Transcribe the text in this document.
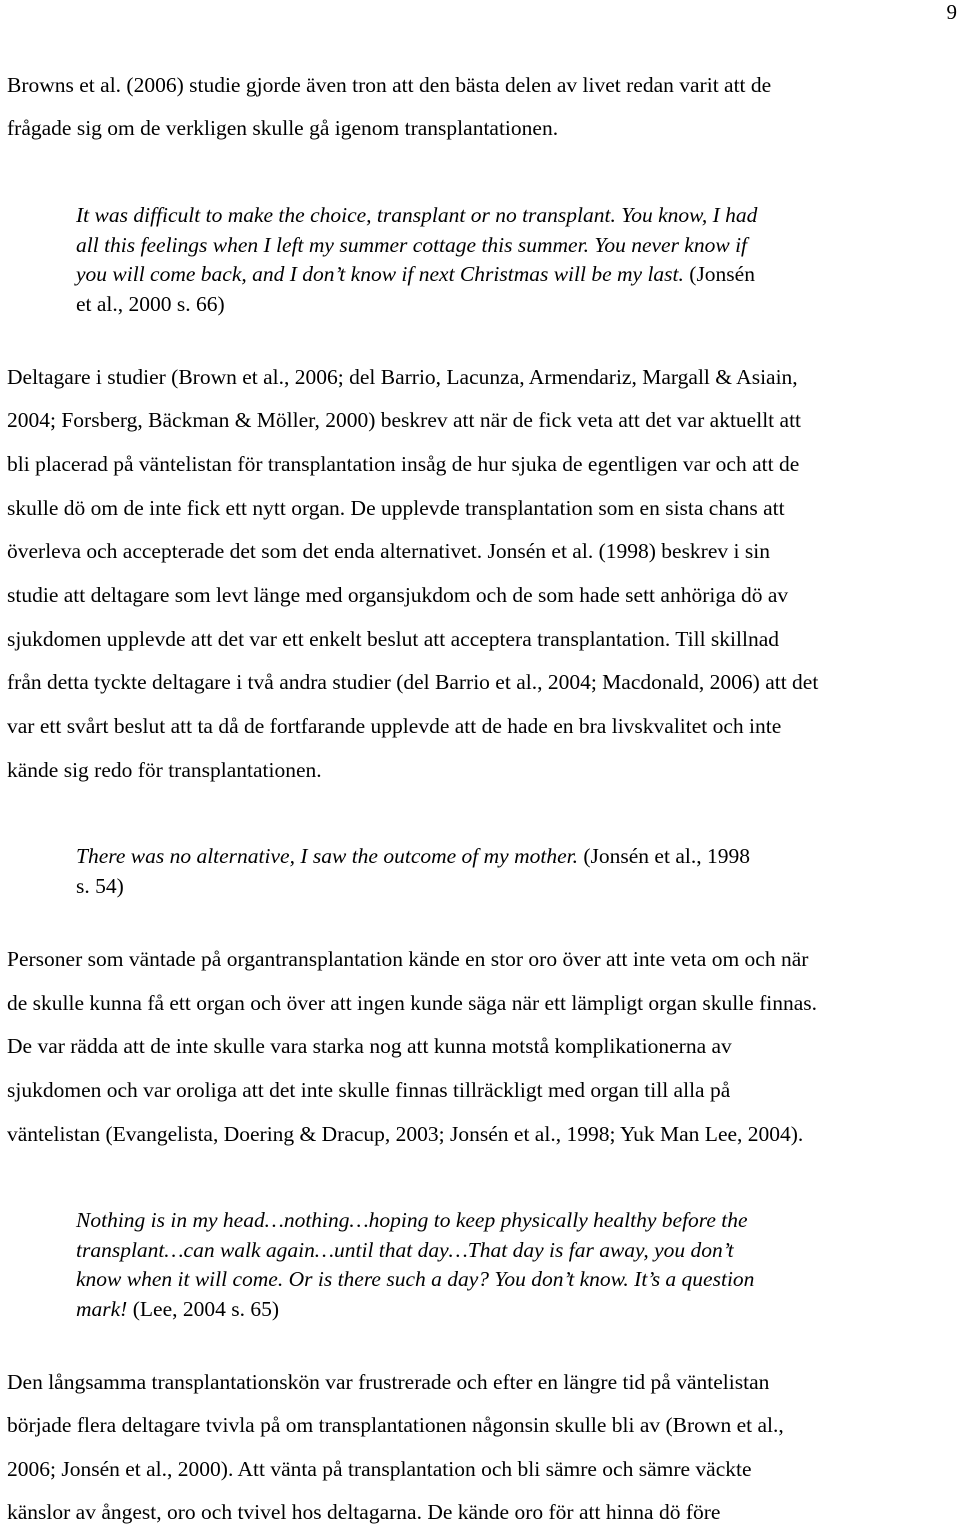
9

Browns et al. (2006) studie gjorde även tron att den bästa delen av livet redan varit att de

frågade sig om de verkligen skulle gå igenom transplantationen.

It was difficult to make the choice, transplant or no transplant. You know, I had

all this feelings when I left my summer cottage this summer. You never know if

you will come back, and I don’t know if next Christmas will be my last. (Jonsén

et al., 2000 s. 66)

Deltagare i studier (Brown et al., 2006; del Barrio, Lacunza, Armendariz, Margall & Asiain,

2004; Forsberg, Bäckman & Möller, 2000) beskrev att när de fick veta att det var aktuellt att

bli placerad på väntelistan för transplantation insåg de hur sjuka de egentligen var och att de

skulle dö om de inte fick ett nytt organ. De upplevde transplantation som en sista chans att

överleva och accepterade det som det enda alternativet. Jonsén et al. (1998) beskrev i sin

studie att deltagare som levt länge med organsjukdom och de som hade sett anhöriga dö av

sjukdomen upplevde att det var ett enkelt beslut att acceptera transplantation. Till skillnad

från detta tyckte deltagare i två andra studier (del Barrio et al., 2004; Macdonald, 2006) att det

var ett svårt beslut att ta då de fortfarande upplevde att de hade en bra livskvalitet och inte

kände sig redo för transplantationen.

There was no alternative, I saw the outcome of my mother. (Jonsén et al., 1998

s. 54)

Personer som väntade på organtransplantation kände en stor oro över att inte veta om och när

de skulle kunna få ett organ och över att ingen kunde säga när ett lämpligt organ skulle finnas.

De var rädda att de inte skulle vara starka nog att kunna motstå komplikationerna av

sjukdomen och var oroliga att det inte skulle finnas tillräckligt med organ till alla på

väntelistan (Evangelista, Doering & Dracup, 2003; Jonsén et al., 1998; Yuk Man Lee, 2004).

Nothing is in my head…nothing…hoping to keep physically healthy before the

transplant…can walk again…until that day…That day is far away, you don’t

know when it will come. Or is there such a day? You don’t know. It’s a question

mark! (Lee, 2004 s. 65)

Den långsamma transplantationskön var frustrerade och efter en längre tid på väntelistan

började flera deltagare tvivla på om transplantationen någonsin skulle bli av (Brown et al.,

2006; Jonsén et al., 2000). Att vänta på transplantation och bli sämre och sämre väckte

känslor av ångest, oro och tvivel hos deltagarna. De kände oro för att hinna dö före
